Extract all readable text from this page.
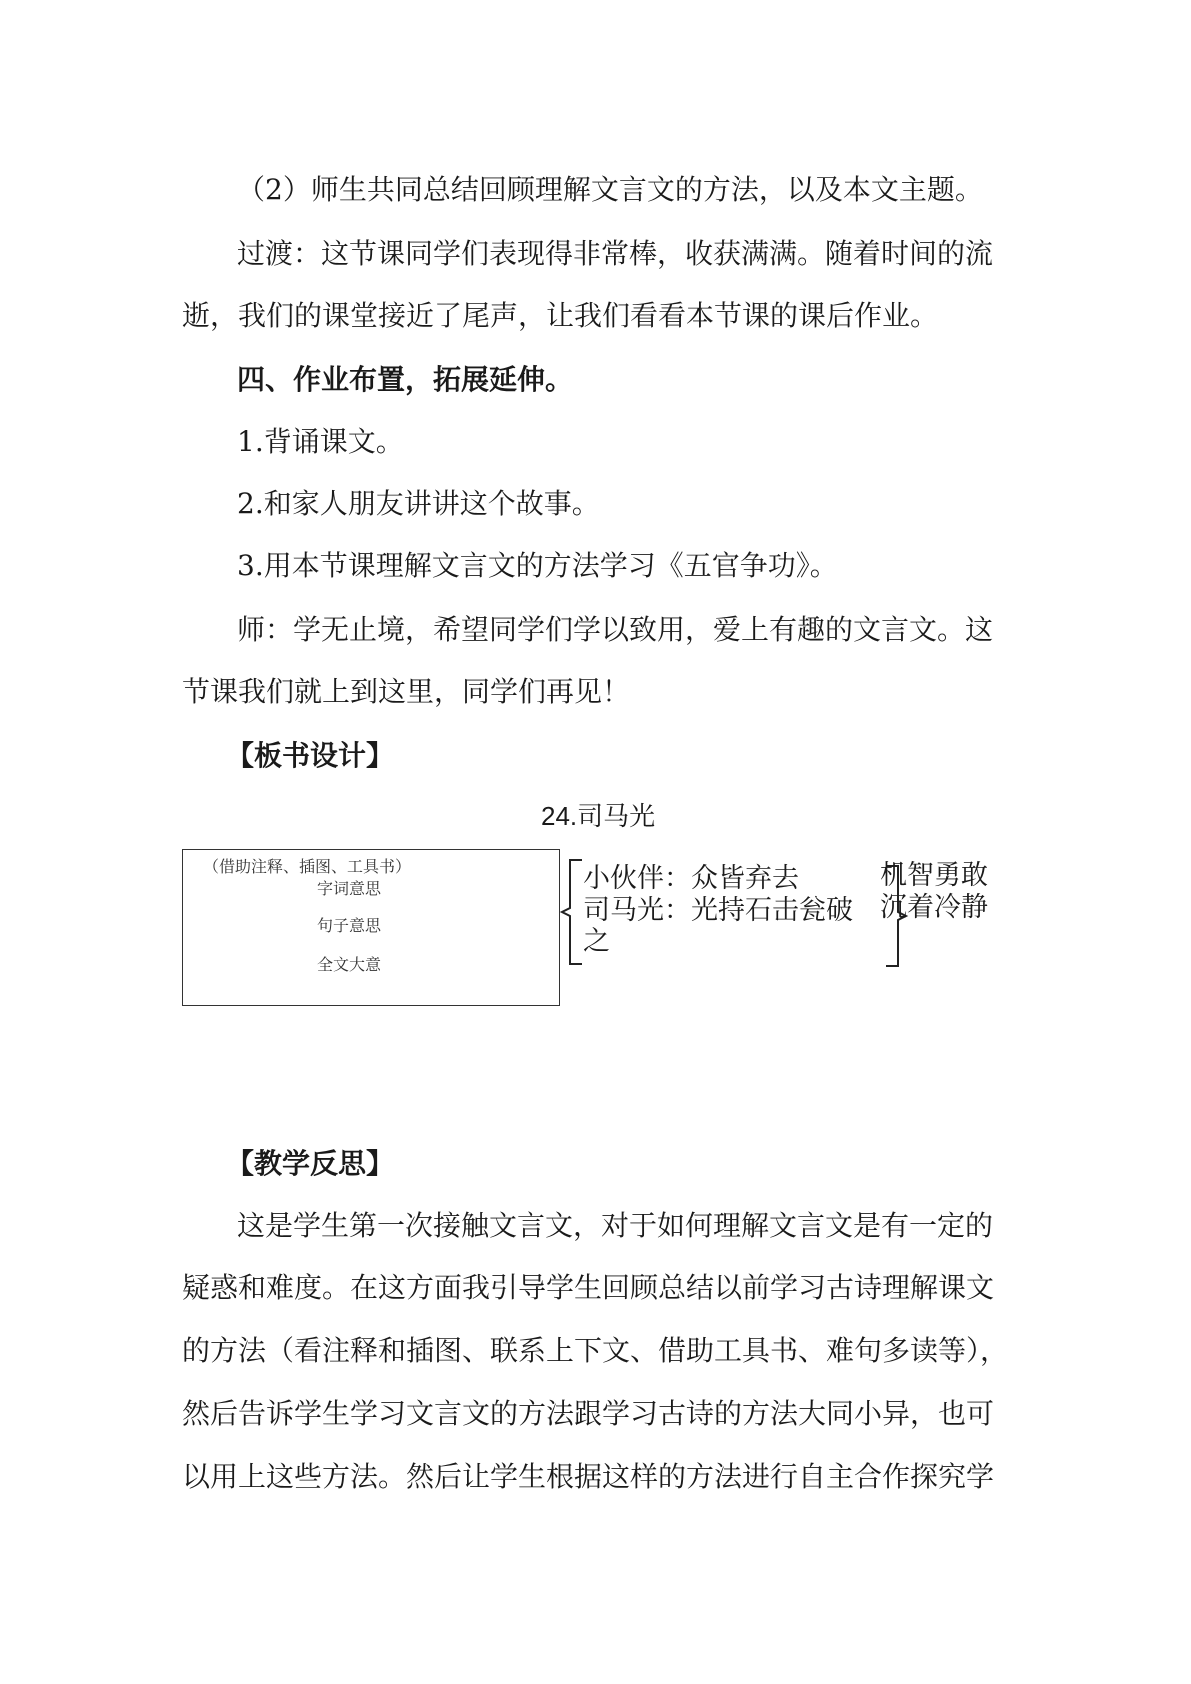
（2）师生共同总结回顾理解文言文的方法，以及本文主题。
过渡：这节课同学们表现得非常棒，收获满满。随着时间的流
逝，我们的课堂接近了尾声，让我们看看本节课的课后作业。
四、作业布置，拓展延伸。
1.背诵课文。
2.和家人朋友讲讲这个故事。
3.用本节课理解文言文的方法学习《五官争功》。
师：学无止境，希望同学们学以致用，爱上有趣的文言文。这
节课我们就上到这里，同学们再见！
【板书设计】
24.司马光
（借助注释、插图、工具书）
字词意思
句子意思
全文大意
小伙伴：众皆弃去
司马光：光持石击瓮破
之
机智勇敢
沉着冷静
【教学反思】
这是学生第一次接触文言文，对于如何理解文言文是有一定的
疑惑和难度。在这方面我引导学生回顾总结以前学习古诗理解课文
的方法（看注释和插图、联系上下文、借助工具书、难句多读等），
然后告诉学生学习文言文的方法跟学习古诗的方法大同小异，也可
以用上这些方法。然后让学生根据这样的方法进行自主合作探究学
